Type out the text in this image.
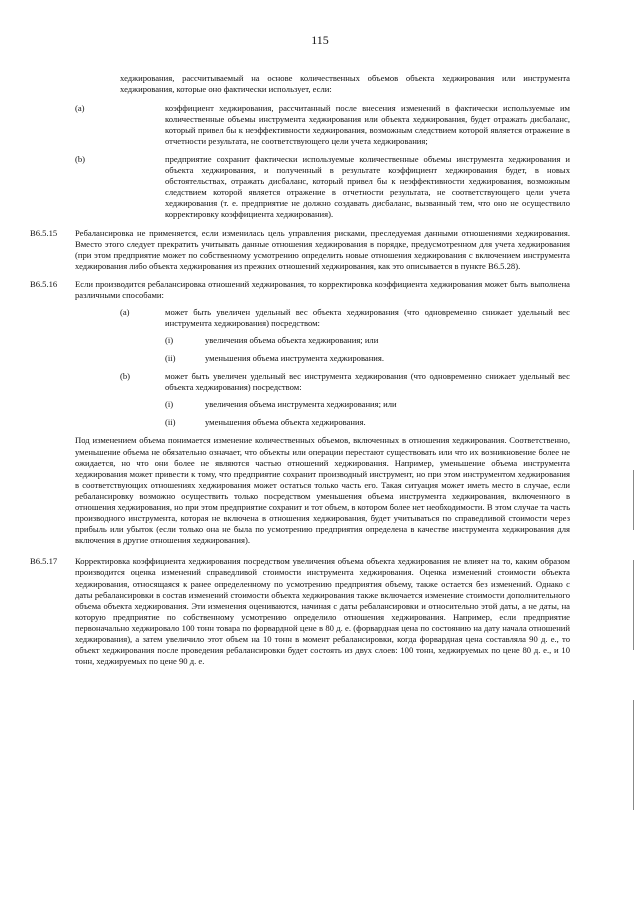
115

хеджирования, рассчитываемый на основе количественных объемов объекта хеджирования или инструмента хеджирования, которые оно фактически использует, если:

(a)	коэффициент хеджирования, рассчитанный после внесения изменений в фактически используемые им количественные объемы инструмента хеджирования или объекта хеджирования, будет отражать дисбаланс, который привел бы к неэффективности хеджирования, возможным следствием которой является отражение в отчетности результата, не соответствующего цели учета хеджирования;
(b)	предприятие сохранит фактически используемые количественные объемы инструмента хеджирования и объекта хеджирования, и полученный в результате коэффициент хеджирования будет, в новых обстоятельствах, отражать дисбаланс, который привел бы к неэффективности хеджирования, возможным следствием которой является отражение в отчетности результата, не соответствующего цели учета хеджирования (т. е. предприятие не должно создавать дисбаланс, вызванный тем, что оно не осуществило корректировку коэффициента хеджирования).
B6.5.15 Ребалансировка не применяется, если изменилась цель управления рисками, преследуемая данными отношениями хеджирования. Вместо этого следует прекратить учитывать данные отношения хеджирования в порядке, предусмотренном для учета хеджирования (при этом предприятие может по собственному усмотрению определить новые отношения хеджирования с включением инструмента хеджирования либо объекта хеджирования из прежних отношений хеджирования, как это описывается в пункте B6.5.28).

B6.5.16 Если производится ребалансировка отношений хеджирования, то корректировка коэффициента хеджирования может быть выполнена различными способами:

(a)	может быть увеличен удельный вес объекта хеджирования (что одновременно снижает удельный вес инструмента хеджирования) посредством:
(i)	увеличения объема объекта хеджирования; или
(ii)	уменьшения объема инструмента хеджирования.
(b)	может быть увеличен удельный вес инструмента хеджирования (что одновременно снижает удельный вес объекта хеджирования) посредством:
(i)	увеличения объема инструмента хеджирования; или
(ii)	уменьшения объема объекта хеджирования.

Под изменением объема понимается изменение количественных объемов, включенных в отношения хеджирования. Соответственно, уменьшение объема не обязательно означает, что объекты или операции перестают существовать или что их возникновение более не ожидается, но что они более не являются частью отношений хеджирования. Например, уменьшение объема инструмента хеджирования может привести к тому, что предприятие сохранит производный инструмент, но при этом инструментом хеджирования в соответствующих отношениях хеджирования может остаться только часть его. Такая ситуация может иметь место в случае, если ребалансировку возможно осуществить только посредством уменьшения объема инструмента хеджирования, включенного в отношения хеджирования, но при этом предприятие сохранит и тот объем, в котором более нет необходимости. В этом случае та часть производного инструмента, которая не включена в отношения хеджирования, будет учитываться по справедливой стоимости через прибыль или убыток (если только она не была по усмотрению предприятия определена в качестве инструмента хеджирования для включения в другие отношения хеджирования).

B6.5.17 Корректировка коэффициента хеджирования посредством увеличения объема объекта хеджирования не влияет на то, каким образом производится оценка изменений справедливой стоимости инструмента хеджирования. Оценка изменений стоимости объекта хеджирования, относящаяся к ранее определенному по усмотрению предприятия объему, также остается без изменений. Однако с даты ребалансировки в состав изменений стоимости объекта хеджирования также включается изменение стоимости дополнительного объема объекта хеджирования. Эти изменения оцениваются, начиная с даты ребалансировки и относительно этой даты, а не даты, на которую предприятие по собственному усмотрению определило отношения хеджирования. Например, если предприятие первоначально хеджировало 100 тонн товара по форвардной цене в 80 д. е. (форвардная цена по состоянию на дату начала отношений хеджирования), а затем увеличило этот объем на 10 тонн в момент ребалансировки, когда форвардная цена составляла 90 д. е., то объект хеджирования после проведения ребалансировки будет состоять из двух слоев: 100 тонн, хеджируемых по цене 80 д. е., и 10 тонн, хеджируемых по цене 90 д. е.
